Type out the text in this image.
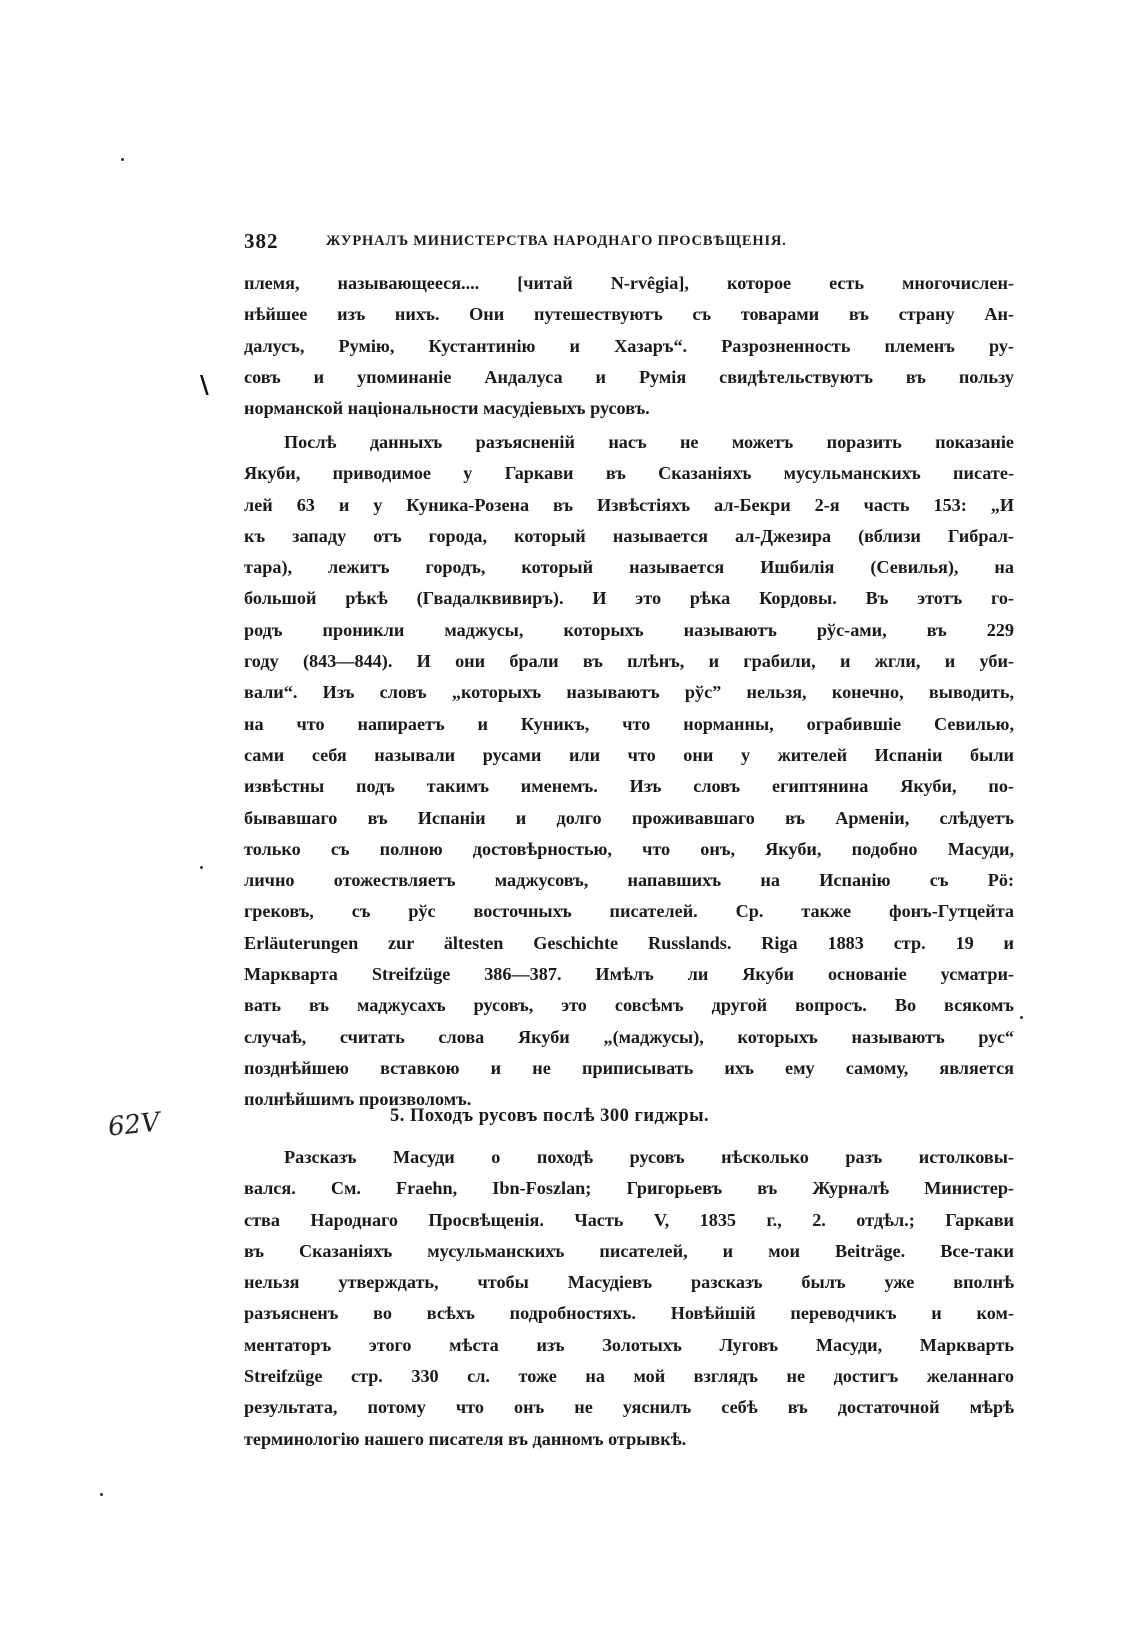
382	ЖУРНАЛЪ МИНИСТЕРСТВА НАРОДНАГО ПРОСВѢЩЕНІЯ.
\
племя, называющееся.... [читай N-rvêgia], которое есть многочислен-
нѣйшее изъ нихъ. Они путешествуютъ съ товарами въ страну Ан-
далусъ, Румію, Кустантинію и Хазаръ“. Разрозненность племенъ ру-
совъ и упоминаніе Андалуса и Румія свидѣтельствуютъ въ пользу
норманской національности масудіевыхъ русовъ.
Послѣ данныхъ разъясненій насъ не можетъ поразить показаніе
Якуби, приводимое у Гаркави въ Сказаніяхъ мусульманскихъ писате-
лей 63 и у Куника-Розена въ Извѣстіяхъ ал-Бекри 2-я часть 153: „И
къ западу отъ города, который называется ал-Джезира (вблизи Гибрал-
тара), лежитъ городъ, который называется Ишбилія (Севилья), на
большой рѣкѣ (Гвадалквивиръ). И это рѣка Кордовы. Въ этотъ го-
родъ проникли маджусы, которыхъ называютъ рўс-ами, въ 229
году (843—844). И они брали въ плѣнъ, и грабили, и жгли, и уби-
вали“. Изъ словъ „которыхъ называютъ рўс” нельзя, конечно, выводить,
на что напираетъ и Куникъ, что норманны, ограбившіе Севилью,
сами себя называли русами или что они у жителей Испаніи были
извѣстны подъ такимъ именемъ. Изъ словъ египтянина Якуби, по-
бывавшаго въ Испаніи и долго проживавшаго въ Арменіи, слѣдуетъ
только съ полною достовѣрностью, что онъ, Якуби, подобно Масуди,
лично отожествляетъ маджусовъ, напавшихъ на Испанію съ Рӧ:
грековъ, съ рўс восточныхъ писателей. Ср. также фонъ-Гутцейта
Erläuterungen zur ältesten Geschichte Russlands. Riga 1883 стр. 19 и
Маркварта Streifzüge 386—387. Имѣлъ ли Якуби основаніе усматри-
вать въ маджусахъ русовъ, это совсѣмъ другой вопросъ. Во всякомъ
случаѣ, считать слова Якуби „(маджусы), которыхъ называютъ рус“
позднѣйшею вставкою и не приписывать ихъ ему самому, является
полнѣйшимъ произволомъ.
62V	5. Походъ русовъ послѣ 300 гиджры.
Разсказъ Масуди о походѣ русовъ нѣсколько разъ истолковы-
вался. См. Fraehn, Ibn-Foszlan; Григорьевъ въ Журналѣ Министер-
ства Народнаго Просвѣщенія. Часть V, 1835 г., 2. отдѣл.; Гаркави
въ Сказаніяхъ мусульманскихъ писателей, и мои Beiträge. Все-таки
нельзя утверждать, чтобы Масудіевъ разсказъ былъ уже вполнѣ
разъясненъ во всѣхъ подробностяхъ. Новѣйшій переводчикъ и ком-
ментаторъ этого мѣста изъ Золотыхъ Луговъ Масуди, Маркварть
Streifzüge стр. 330 сл. тоже на мой взглядъ не достигъ желаннаго
результата, потому что онъ не уяснилъ себѣ въ достаточной мѣрѣ
терминологію нашего писателя въ данномъ отрывкѣ.
